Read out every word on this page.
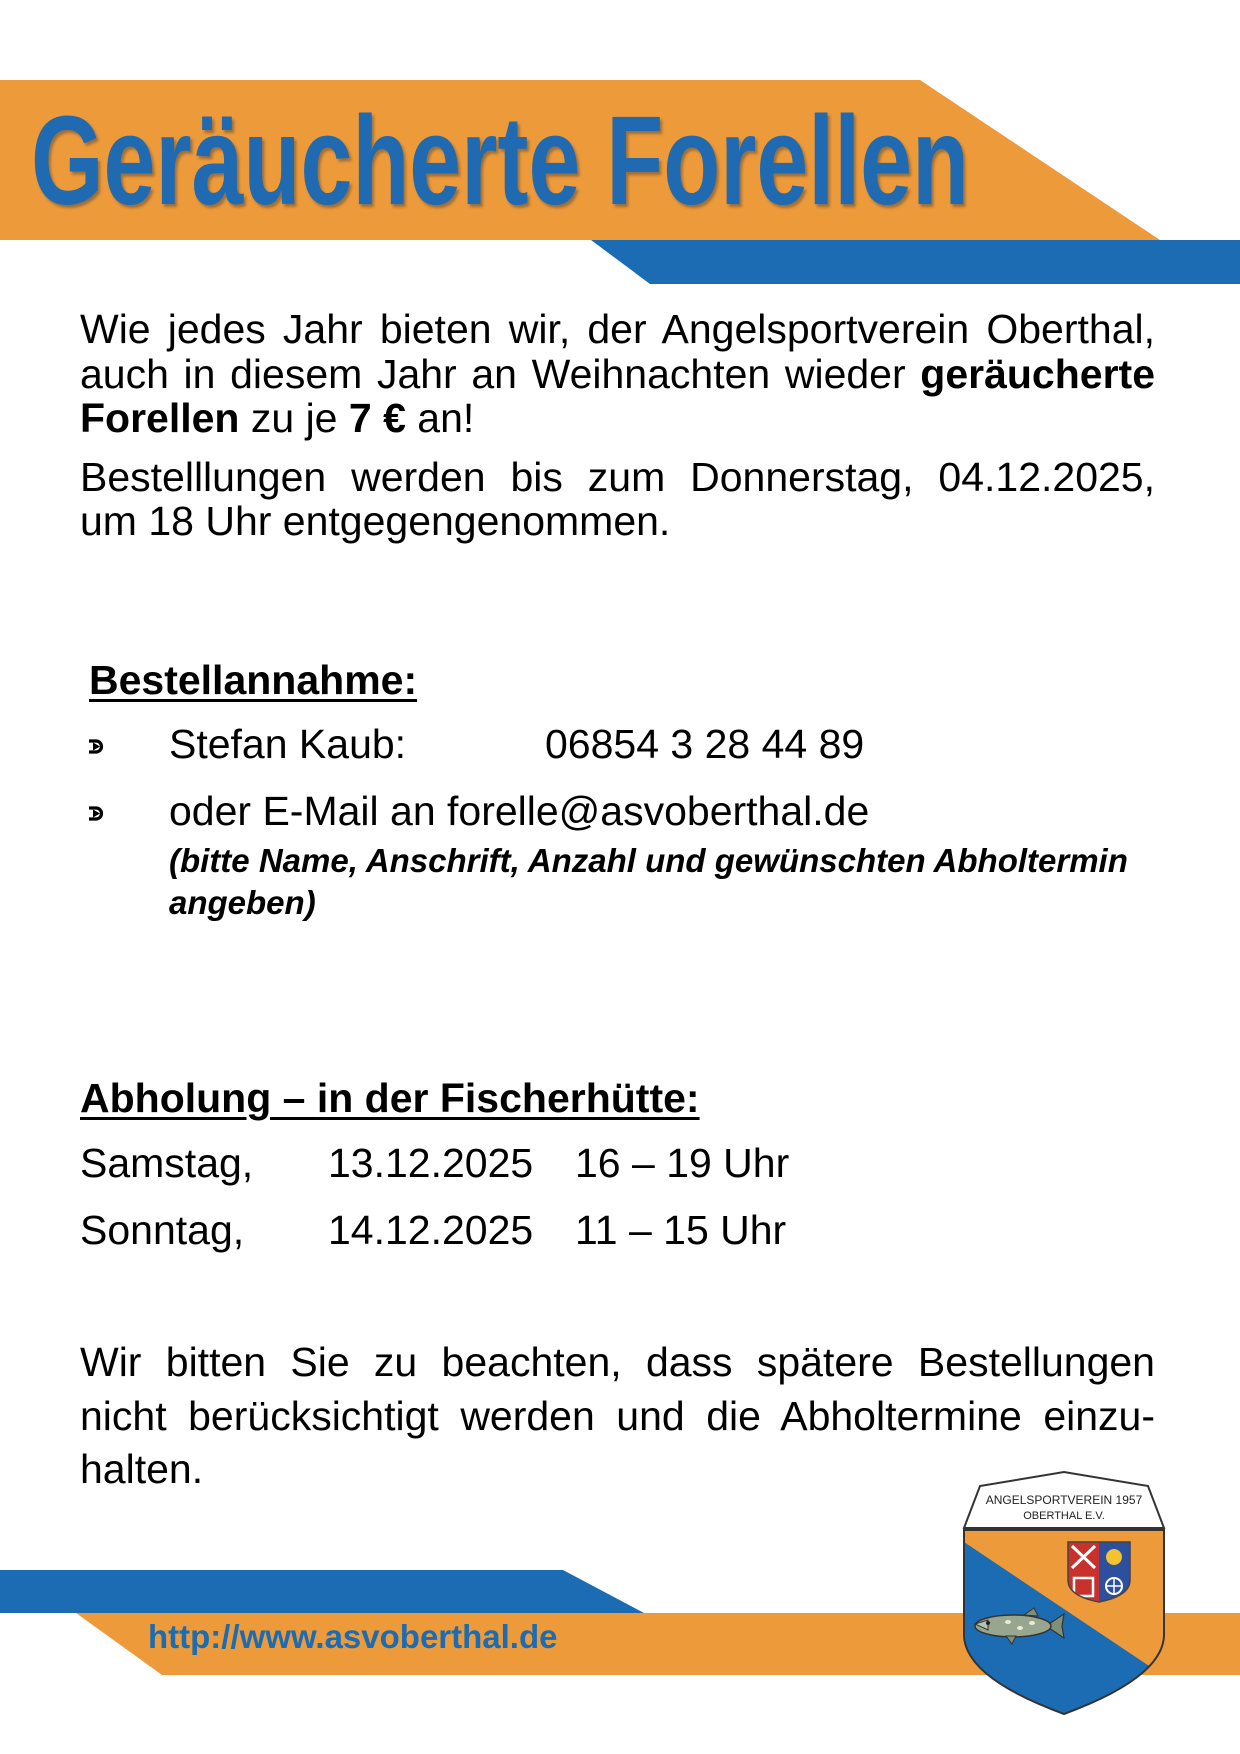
Geräucherte Forellen
Wie jedes Jahr bieten wir, der Angelsportverein Oberthal,
auch in diesem Jahr an Weihnachten wieder geräucherte
Forellen zu je 7 € an!
Bestelllungen werden bis zum Donnerstag, 04.12.2025,
um 18 Uhr entgegengenommen.
Bestellannahme:
Stefan Kaub:	06854 3 28 44 89
oder E-Mail an forelle@asvoberthal.de
(bitte Name, Anschrift, Anzahl und gewünschten Abholtermin
angeben)
Abholung – in der Fischerhütte:
Samstag, 13.12.2025 16 – 19 Uhr
Sonntag, 14.12.2025 11 – 15 Uhr
Wir bitten Sie zu beachten, dass spätere Bestellungen
nicht berücksichtigt werden und die Abholtermine einzu-
halten.
http://www.asvoberthal.de
ANGELSPORTVEREIN 1957
OBERTHAL E.V.
